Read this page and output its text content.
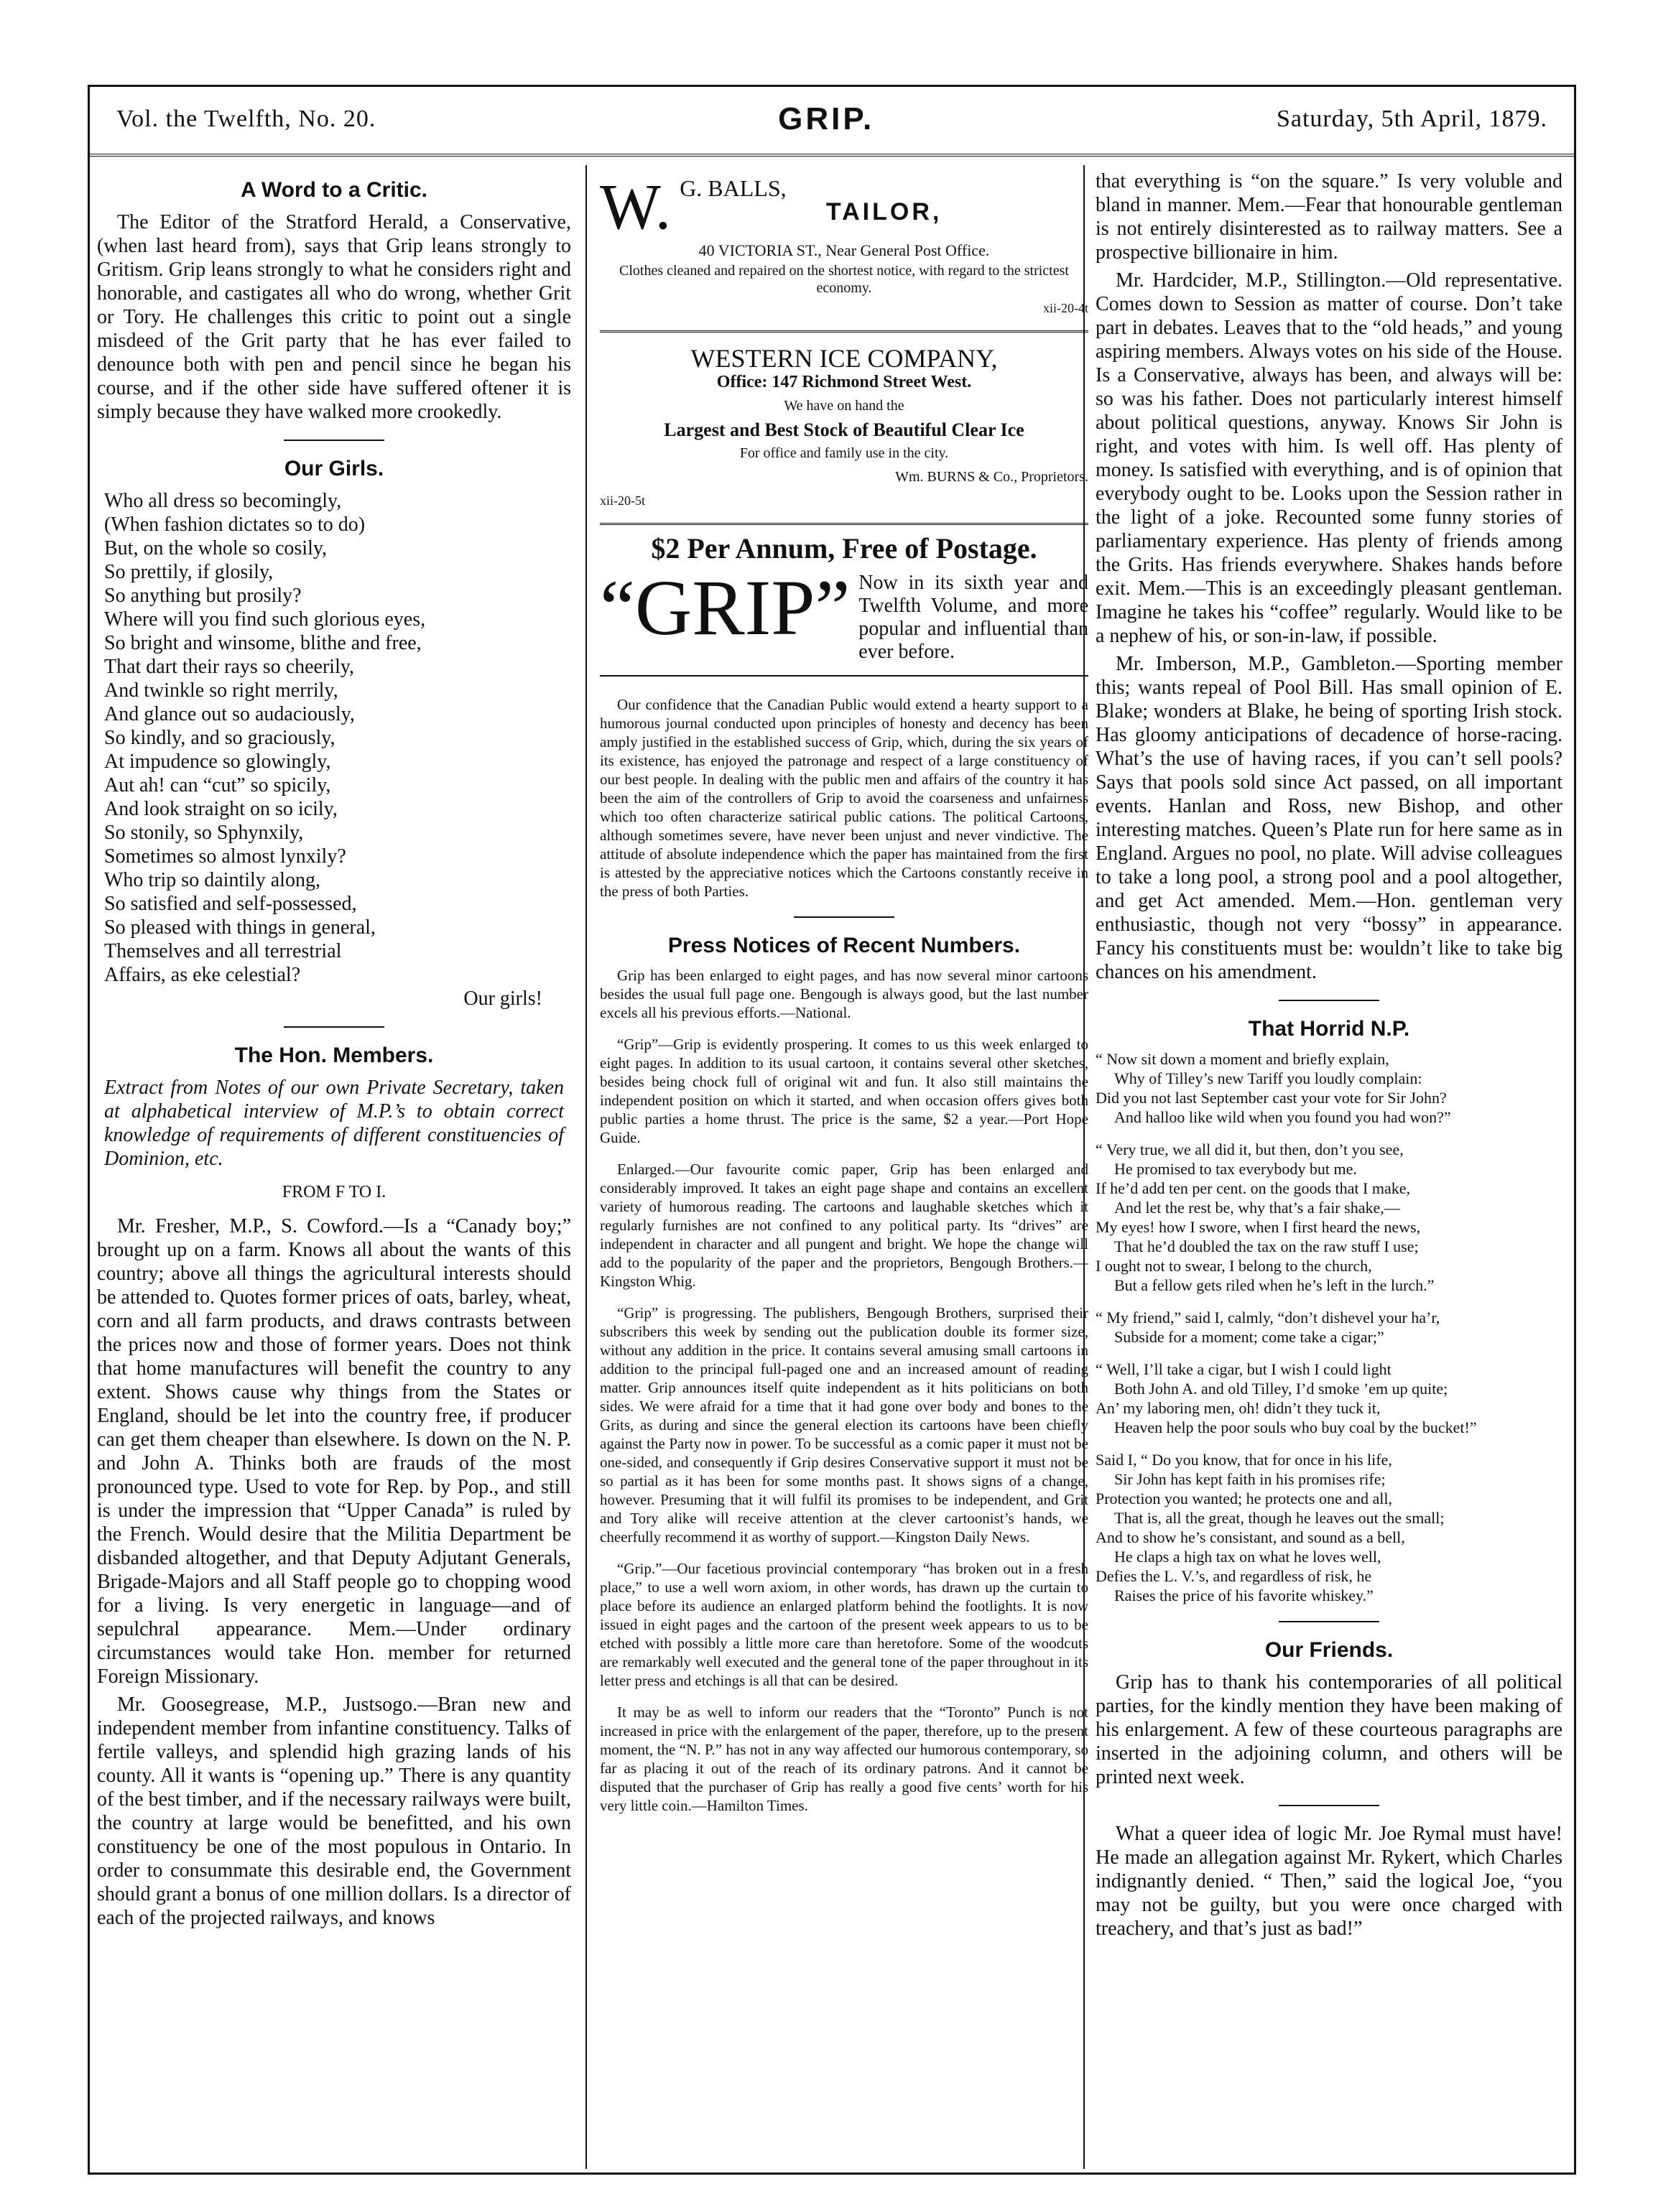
Vol. the Twelfth, No. 20.	GRIP.	Saturday, 5th April, 1879.
A Word to a Critic.

The Editor of the Stratford Herald, a Conservative, (when last heard from), says that Grip leans strongly to Gritism. Grip leans strongly to what he considers right and honorable, and castigates all who do wrong, whether Grit or Tory. He challenges this critic to point out a single misdeed of the Grit party that he has ever failed to denounce both with pen and pencil since he began his course, and if the other side have suffered oftener it is simply because they have walked more crookedly.

Our Girls.
Who all dress so becomingly,
(When fashion dictates so to do)
But, on the whole so cosily,
So prettily, if glosily,
So anything but prosily?
Where will you find such glorious eyes,
So bright and winsome, blithe and free,
That dart their rays so cheerily,
And twinkle so right merrily,
And glance out so audaciously,
So kindly, and so graciously,
At impudence so glowingly,
Aut ah! can “cut” so spicily,
And look straight on so icily,
So stonily, so Sphynxily,
Sometimes so almost lynxily?
Who trip so daintily along,
So satisfied and self-possessed,
So pleased with things in general,
Themselves and all terrestrial
Affairs, as eke celestial?
Our girls!
The Hon. Members.

Extract from Notes of our own Private Secretary, taken at alphabetical interview of M.P.’s to obtain correct knowledge of requirements of different constituencies of Dominion, etc.

FROM F TO I.

Mr. Fresher, M.P., S. Cowford.—Is a “Canady boy;” brought up on a farm. Knows all about the wants of this country; above all things the agricultural interests should be attended to. Quotes former prices of oats, barley, wheat, corn and all farm products, and draws contrasts between the prices now and those of former years. Does not think that home manufactures will benefit the country to any extent. Shows cause why things from the States or England, should be let into the country free, if producer can get them cheaper than elsewhere. Is down on the N. P. and John A. Thinks both are frauds of the most pronounced type. Used to vote for Rep. by Pop., and still is under the impression that “Upper Canada” is ruled by the French. Would desire that the Militia Department be disbanded altogether, and that Deputy Adjutant Generals, Brigade-Majors and all Staff people go to chopping wood for a living. Is very energetic in language—and of sepulchral appearance. Mem.—Under ordinary circumstances would take Hon. member for returned Foreign Missionary.

Mr. Goosegrease, M.P., Justsogo.—Bran new and independent member from infantine constituency. Talks of fertile valleys, and splendid high grazing lands of his county. All it wants is “opening up.” There is any quantity of the best timber, and if the necessary railways were built, the country at large would be benefitted, and his own constituency be one of the most populous in Ontario. In order to consummate this desirable end, the Government should grant a bonus of one million dollars. Is a director of each of the projected railways, and knows

W. G. BALLS,
TAILOR,
40 VICTORIA ST., Near General Post Office.
Clothes cleaned and repaired on the shortest notice, with regard to the strictest economy.
xii-20-4t
WESTERN ICE COMPANY,
Office: 147 Richmond Street West.
We have on hand the
Largest and Best Stock of Beautiful Clear Ice
For office and family use in the city.
Wm. BURNS & Co., Proprietors.
xii-20-5t
$2 Per Annum, Free of Postage.
“GRIP” Now in its sixth year and Twelfth Volume, and more popular and influential than ever before.

Our confidence that the Canadian Public would extend a hearty support to a humorous journal conducted upon principles of honesty and decency has been amply justified in the established success of Grip, which, during the six years of its existence, has enjoyed the patronage and respect of a large constituency of our best people. In dealing with the public men and affairs of the country it has been the aim of the controllers of Grip to avoid the coarseness and unfairness which too often characterize satirical public cations. The political Cartoons, although sometimes severe, have never been unjust and never vindictive. The attitude of absolute independence which the paper has maintained from the first is attested by the appreciative notices which the Cartoons constantly receive in the press of both Parties.

Press Notices of Recent Numbers.

Grip has been enlarged to eight pages, and has now several minor cartoons besides the usual full page one. Bengough is always good, but the last number excels all his previous efforts.—National.

“Grip”—Grip is evidently prospering. It comes to us this week enlarged to eight pages. In addition to its usual cartoon, it contains several other sketches, besides being chock full of original wit and fun. It also still maintains the independent position on which it started, and when occasion offers gives both public parties a home thrust. The price is the same, $2 a year.—Port Hope Guide.

Enlarged.—Our favourite comic paper, Grip has been enlarged and considerably improved. It takes an eight page shape and contains an excellent variety of humorous reading. The cartoons and laughable sketches which it regularly furnishes are not confined to any political party. Its “drives” are independent in character and all pungent and bright. We hope the change will add to the popularity of the paper and the proprietors, Bengough Brothers.—Kingston Whig.

“Grip” is progressing. The publishers, Bengough Brothers, surprised their subscribers this week by sending out the publication double its former size, without any addition in the price. It contains several amusing small cartoons in addition to the principal full-paged one and an increased amount of reading matter. Grip announces itself quite independent as it hits politicians on both sides. We were afraid for a time that it had gone over body and bones to the Grits, as during and since the general election its cartoons have been chiefly against the Party now in power. To be successful as a comic paper it must not be one-sided, and consequently if Grip desires Conservative support it must not be so partial as it has been for some months past. It shows signs of a change, however. Presuming that it will fulfil its promises to be independent, and Grit and Tory alike will receive attention at the clever cartoonist’s hands, we cheerfully recommend it as worthy of support.—Kingston Daily News.

“Grip.”—Our facetious provincial contemporary “has broken out in a fresh place,” to use a well worn axiom, in other words, has drawn up the curtain to place before its audience an enlarged platform behind the footlights. It is now issued in eight pages and the cartoon of the present week appears to us to be etched with possibly a little more care than heretofore. Some of the woodcuts are remarkably well executed and the general tone of the paper throughout in its letter press and etchings is all that can be desired.

It may be as well to inform our readers that the “Toronto” Punch is not increased in price with the enlargement of the paper, therefore, up to the present moment, the “N. P.” has not in any way affected our humorous contemporary, so far as placing it out of the reach of its ordinary patrons. And it cannot be disputed that the purchaser of Grip has really a good five cents’ worth for his very little coin.—Hamilton Times.

that everything is “on the square.” Is very voluble and bland in manner. Mem.—Fear that honourable gentleman is not entirely disinterested as to railway matters. See a prospective billionaire in him.

Mr. Hardcider, M.P., Stillington.—Old representative. Comes down to Session as matter of course. Don’t take part in debates. Leaves that to the “old heads,” and young aspiring members. Always votes on his side of the House. Is a Conservative, always has been, and always will be: so was his father. Does not particularly interest himself about political questions, anyway. Knows Sir John is right, and votes with him. Is well off. Has plenty of money. Is satisfied with everything, and is of opinion that everybody ought to be. Looks upon the Session rather in the light of a joke. Recounted some funny stories of parliamentary experience. Has plenty of friends among the Grits. Has friends everywhere. Shakes hands before exit. Mem.—This is an exceedingly pleasant gentleman. Imagine he takes his “coffee” regularly. Would like to be a nephew of his, or son-in-law, if possible.

Mr. Imberson, M.P., Gambleton.—Sporting member this; wants repeal of Pool Bill. Has small opinion of E. Blake; wonders at Blake, he being of sporting Irish stock. Has gloomy anticipations of decadence of horse-racing. What’s the use of having races, if you can’t sell pools? Says that pools sold since Act passed, on all important events. Hanlan and Ross, new Bishop, and other interesting matches. Queen’s Plate run for here same as in England. Argues no pool, no plate. Will advise colleagues to take a long pool, a strong pool and a pool altogether, and get Act amended. Mem.—Hon. gentleman very enthusiastic, though not very “bossy” in appearance. Fancy his constituents must be: wouldn’t like to take big chances on his amendment.

That Horrid N.P.
“ Now sit down a moment and briefly explain,
Why of Tilley’s new Tariff you loudly complain:
Did you not last September cast your vote for Sir John?
And halloo like wild when you found you had won?”
“ Very true, we all did it, but then, don’t you see,
He promised to tax everybody but me.
If he’d add ten per cent. on the goods that I make,
And let the rest be, why that’s a fair shake,—
My eyes! how I swore, when I first heard the news,
That he’d doubled the tax on the raw stuff I use;
I ought not to swear, I belong to the church,
But a fellow gets riled when he’s left in the lurch.”
“ My friend,” said I, calmly, “don’t dishevel your ha’r,
Subside for a moment; come take a cigar;”
“ Well, I’ll take a cigar, but I wish I could light
Both John A. and old Tilley, I’d smoke ’em up quite;
An’ my laboring men, oh! didn’t they tuck it,
Heaven help the poor souls who buy coal by the bucket!”
Said I, “ Do you know, that for once in his life,
Sir John has kept faith in his promises rife;
Protection you wanted; he protects one and all,
That is, all the great, though he leaves out the small;
And to show he’s consistant, and sound as a bell,
He claps a high tax on what he loves well,
Defies the L. V.’s, and regardless of risk, he
Raises the price of his favorite whiskey.”
Our Friends.

Grip has to thank his contemporaries of all political parties, for the kindly mention they have been making of his enlargement. A few of these courteous paragraphs are inserted in the adjoining column, and others will be printed next week.

What a queer idea of logic Mr. Joe Rymal must have! He made an allegation against Mr. Rykert, which Charles indignantly denied. “ Then,” said the logical Joe, “you may not be guilty, but you were once charged with treachery, and that’s just as bad!”
